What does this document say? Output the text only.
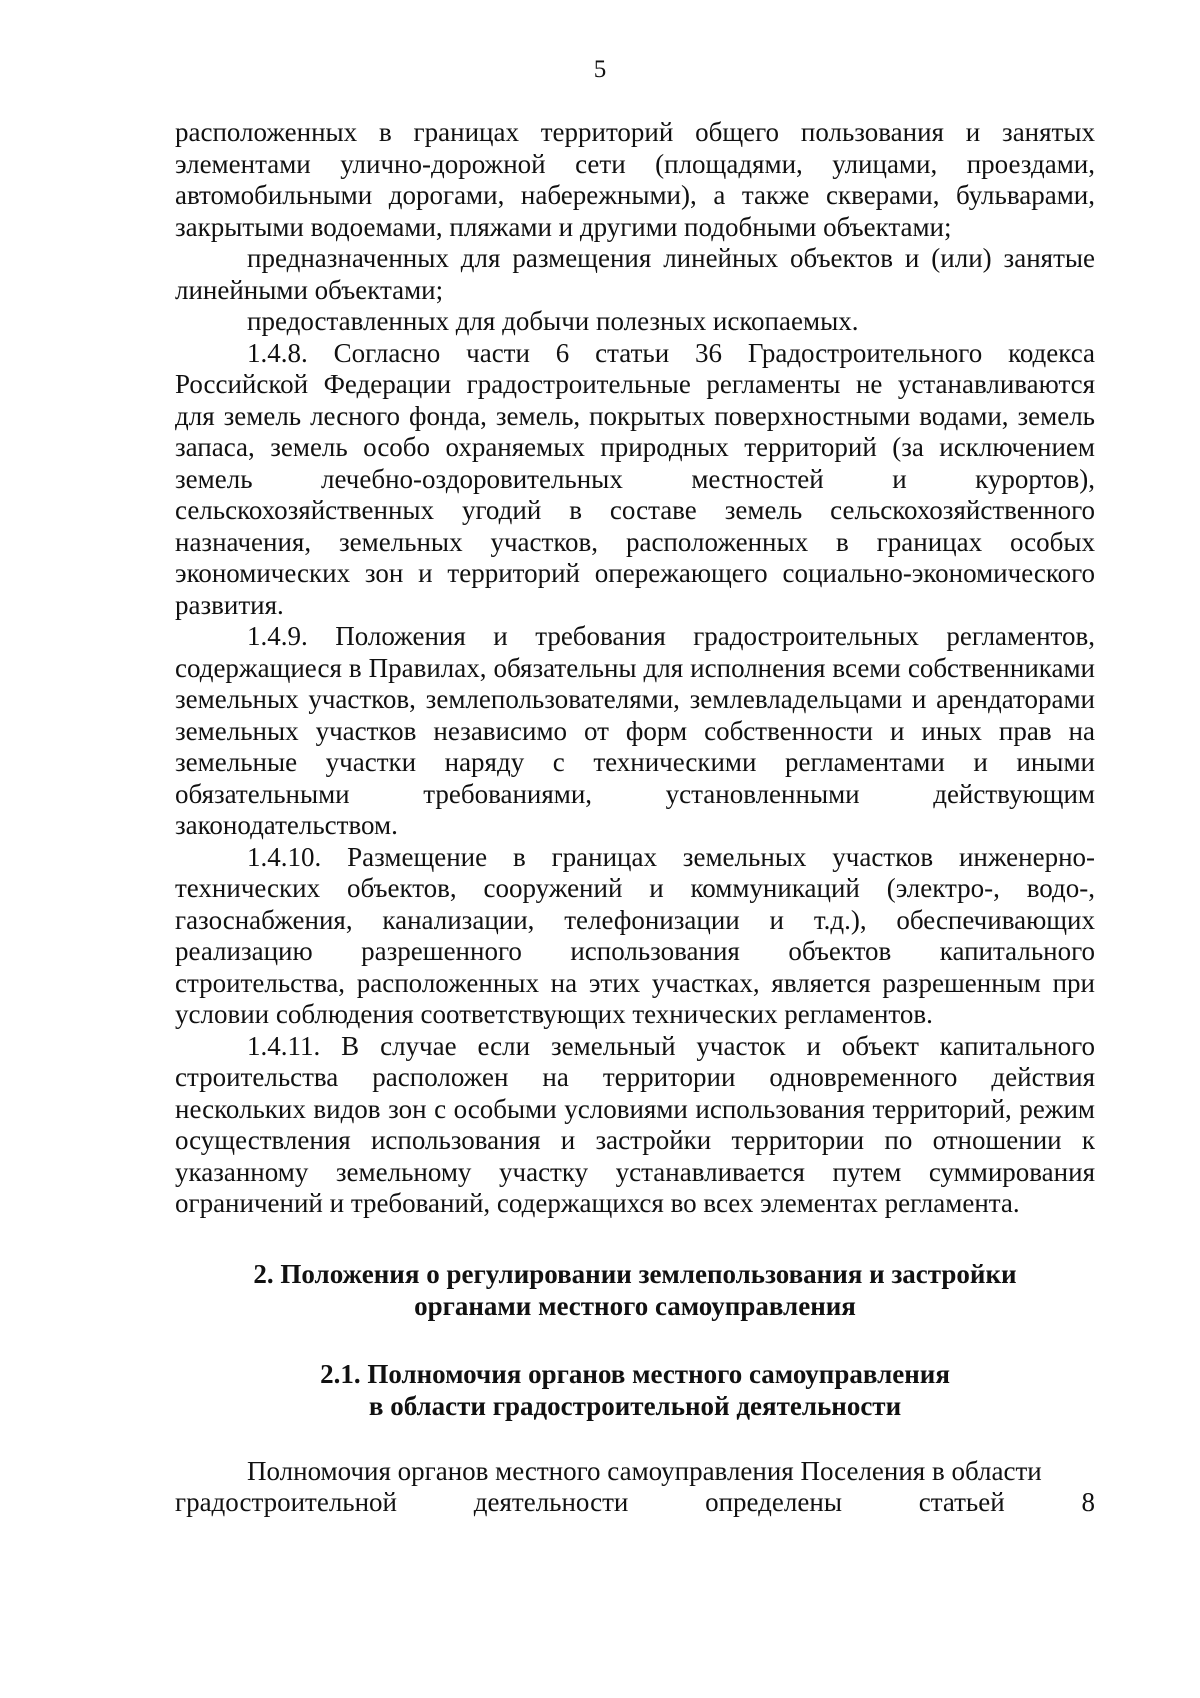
5

расположенных в границах территорий общего пользования и занятых элементами улично-дорожной сети (площадями, улицами, проездами, автомобильными дорогами, набережными), а также скверами, бульварами, закрытыми водоемами, пляжами и другими подобными объектами;

предназначенных для размещения линейных объектов и (или) занятые линейными объектами;

предоставленных для добычи полезных ископаемых.

1.4.8. Согласно части 6 статьи 36 Градостроительного кодекса Российской Федерации градостроительные регламенты не устанавливаются для земель лесного фонда, земель, покрытых поверхностными водами, земель запаса, земель особо охраняемых природных территорий (за исключением земель лечебно-оздоровительных местностей и курортов), сельскохозяйственных угодий в составе земель сельскохозяйственного назначения, земельных участков, расположенных в границах особых экономических зон и территорий опережающего социально-экономического развития.

1.4.9. Положения и требования градостроительных регламентов, содержащиеся в Правилах, обязательны для исполнения всеми собственниками земельных участков, землепользователями, землевладельцами и арендаторами земельных участков независимо от форм собственности и иных прав на земельные участки наряду с техническими регламентами и иными обязательными требованиями, установленными действующим законодательством.

1.4.10. Размещение в границах земельных участков инженерно-технических объектов, сооружений и коммуникаций (электро-, водо-, газоснабжения, канализации, телефонизации и т.д.), обеспечивающих реализацию разрешенного использования объектов капитального строительства, расположенных на этих участках, является разрешенным при условии соблюдения соответствующих технических регламентов.

1.4.11. В случае если земельный участок и объект капитального строительства расположен на территории одновременного действия нескольких видов зон с особыми условиями использования территорий, режим осуществления использования и застройки территории по отношении к указанному земельному участку устанавливается путем суммирования ограничений и требований, содержащихся во всех элементах регламента.

2. Положения о регулировании землепользования и застройки

органами местного самоуправления

2.1. Полномочия органов местного самоуправления

в области градостроительной деятельности

Полномочия органов местного самоуправления Поселения в области

градостроительной	деятельности	определены	статьей	8
